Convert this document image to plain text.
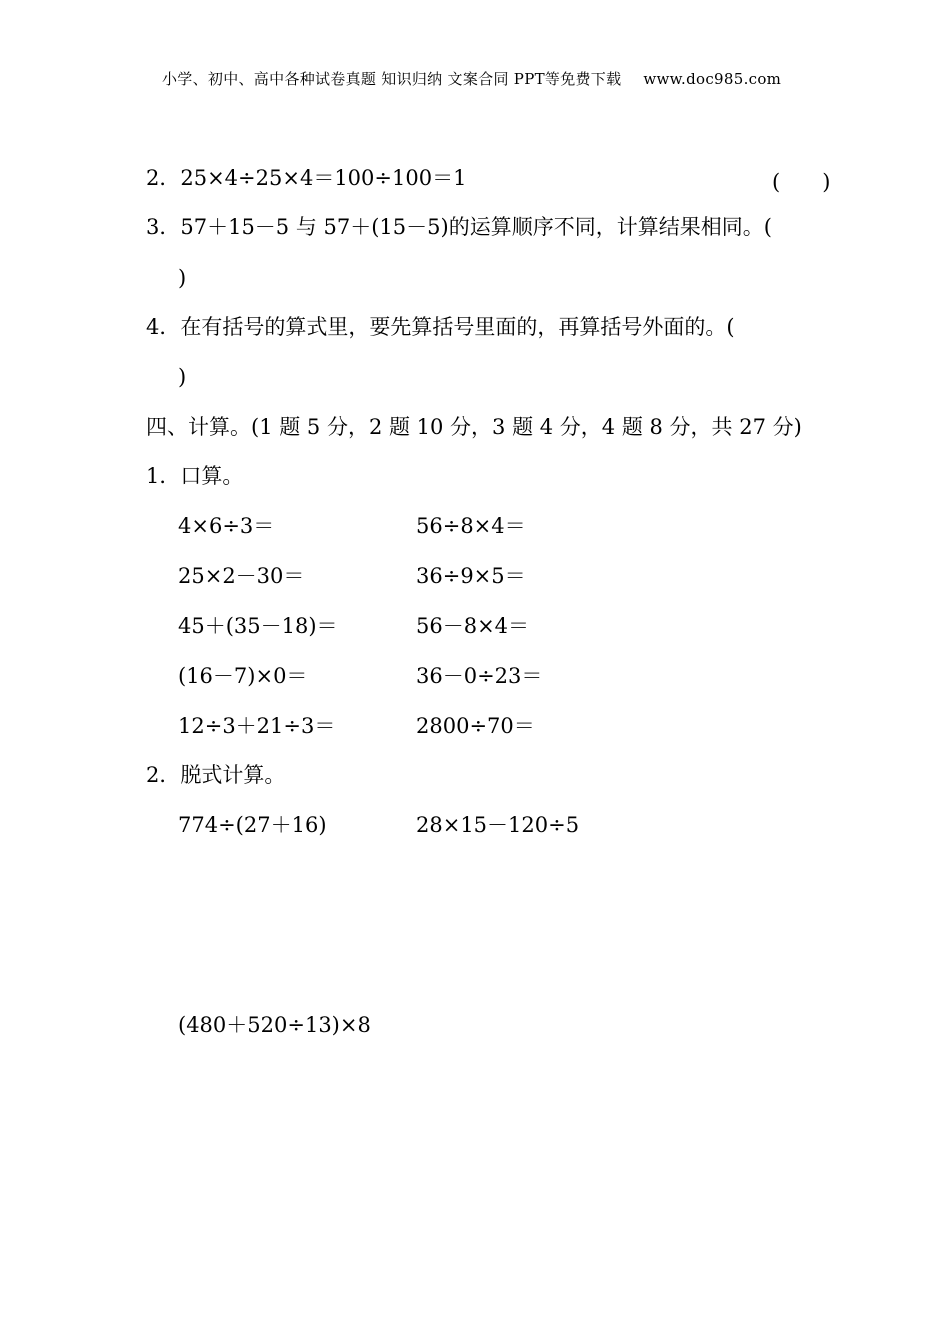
小学、初中、高中各种试卷真题 知识归纳 文案合同 PPT等免费下载 www.doc985.com
2．25×4÷25×4＝100÷100＝1	(　　)
3．57＋15－5 与 57＋(15－5)的运算顺序不同，计算结果相同。(
)
4．在有括号的算式里，要先算括号里面的，再算括号外面的。(
)
四、计算。(1 题 5 分，2 题 10 分，3 题 4 分，4 题 8 分，共 27 分)
1．口算。
4×6÷3＝	56÷8×4＝
25×2－30＝	36÷9×5＝
45＋(35－18)＝	56－8×4＝
(16－7)×0＝	36－0÷23＝
12÷3＋21÷3＝	2800÷70＝
2．脱式计算。
774÷(27＋16)	28×15－120÷5
(480＋520÷13)×8
